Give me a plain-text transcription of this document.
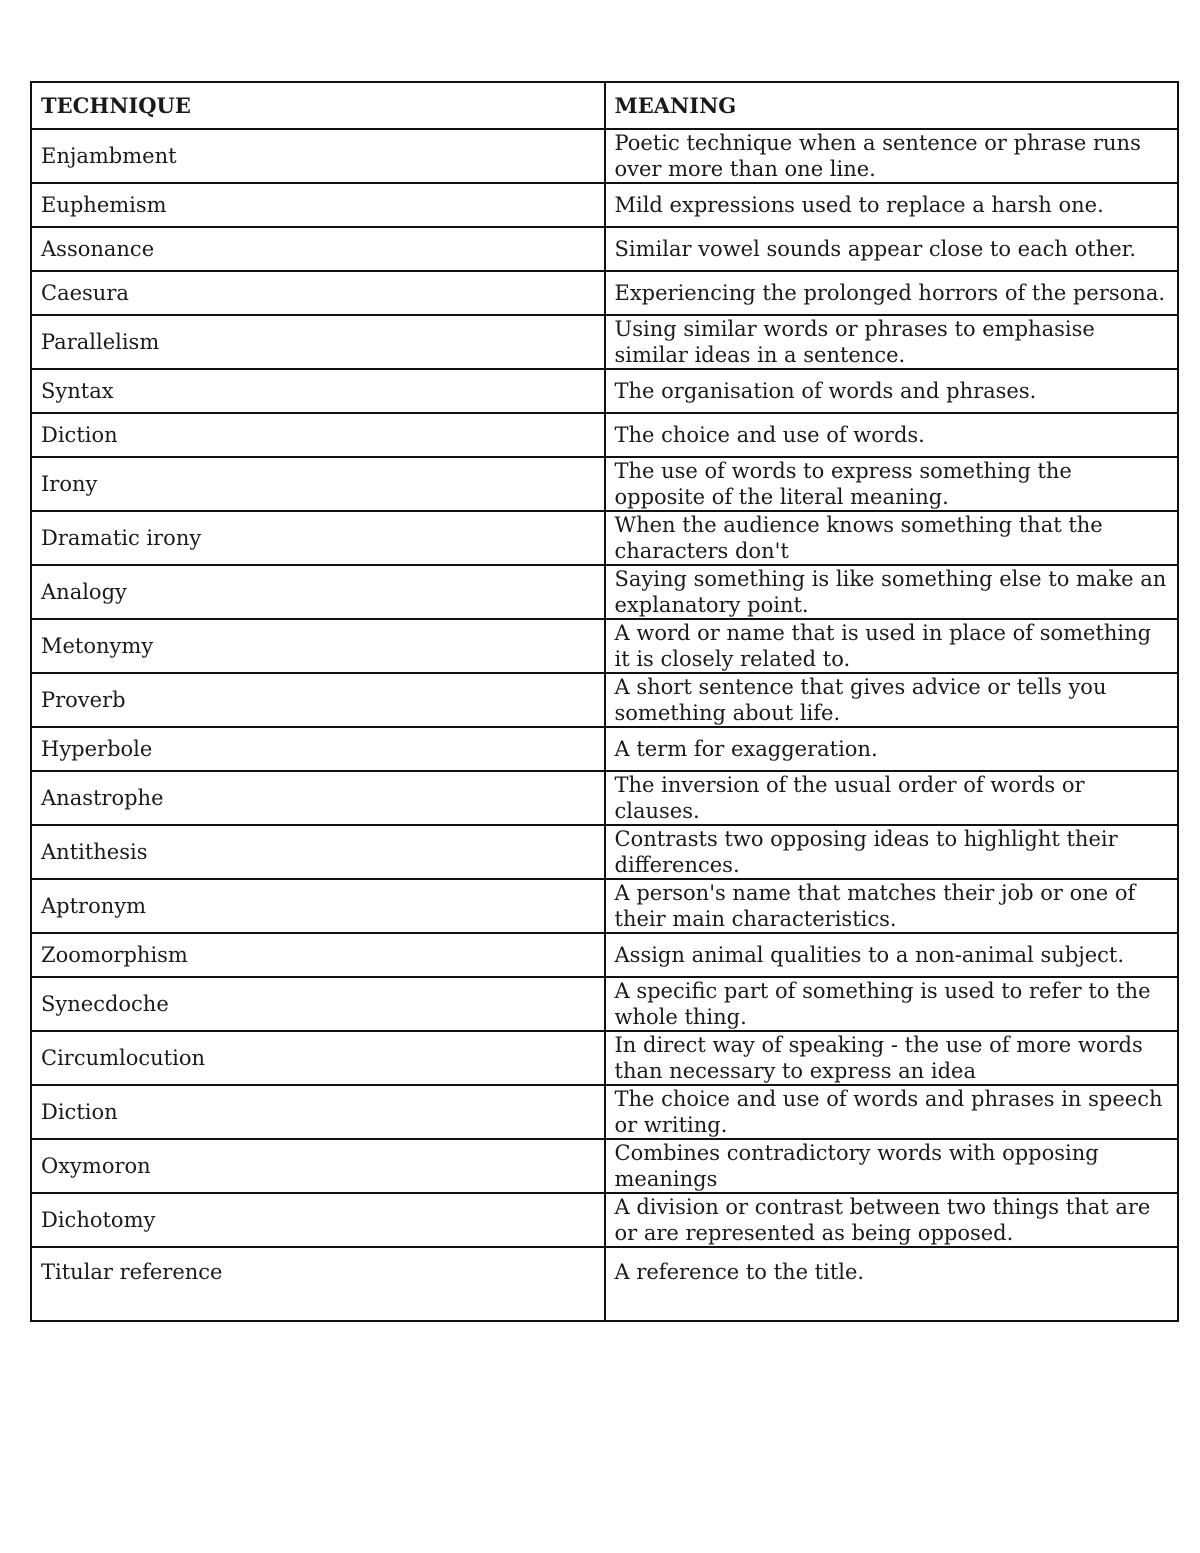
TECHNIQUE	MEANING
Enjambment	Poetic technique when a sentence or phrase runs over more than one line.
Euphemism	Mild expressions used to replace a harsh one.
Assonance	Similar vowel sounds appear close to each other.
Caesura	Experiencing the prolonged horrors of the persona.
Parallelism	Using similar words or phrases to emphasise similar ideas in a sentence.
Syntax	The organisation of words and phrases.
Diction	The choice and use of words.
Irony	The use of words to express something the opposite of the literal meaning.
Dramatic irony	When the audience knows something that the characters don't
Analogy	Saying something is like something else to make an explanatory point.
Metonymy	A word or name that is used in place of something it is closely related to.
Proverb	A short sentence that gives advice or tells you something about life.
Hyperbole	A term for exaggeration.
Anastrophe	The inversion of the usual order of words or clauses.
Antithesis	Contrasts two opposing ideas to highlight their differences.
Aptronym	A person's name that matches their job or one of their main characteristics.
Zoomorphism	Assign animal qualities to a non-animal subject.
Synecdoche	A specific part of something is used to refer to the whole thing.
Circumlocution	In direct way of speaking - the use of more words than necessary to express an idea
Diction	The choice and use of words and phrases in speech or writing.
Oxymoron	Combines contradictory words with opposing meanings
Dichotomy	A division or contrast between two things that are or are represented as being opposed.
Titular reference	A reference to the title.
